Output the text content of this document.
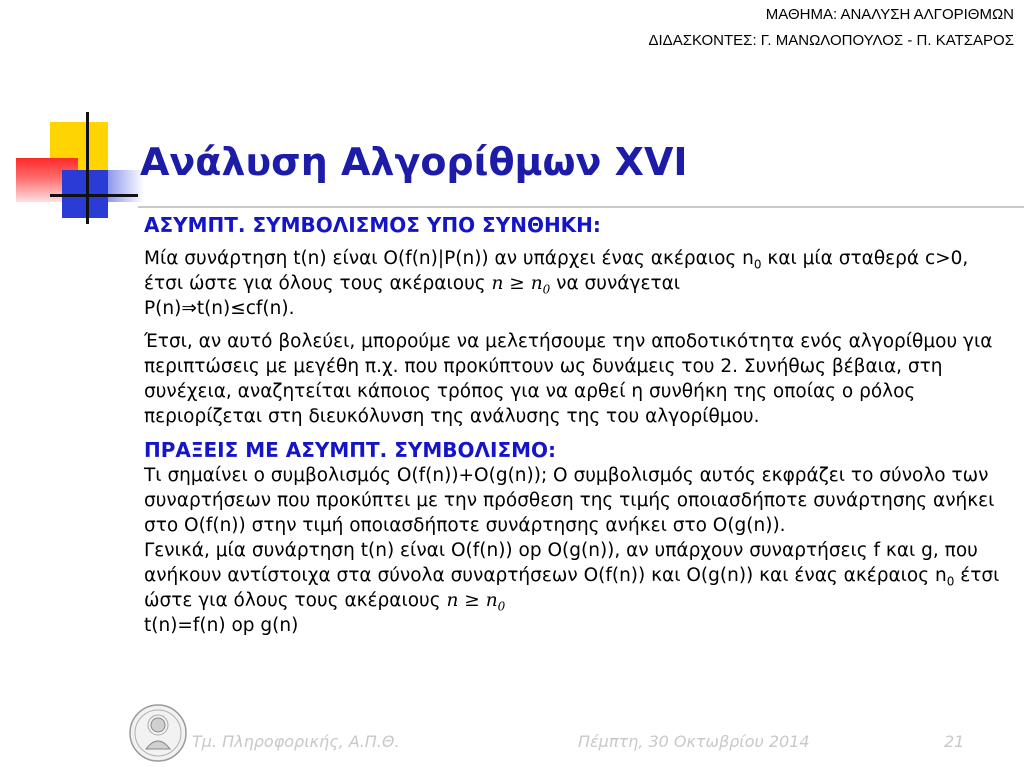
ΜΑΘΗΜΑ: ΑΝΑΛΥΣΗ ΑΛΓΟΡΙΘΜΩΝ
ΔΙΔΑΣΚΟΝΤΕΣ: Γ. ΜΑΝΩΛΟΠΟΥΛΟΣ - Π. ΚΑΤΣΑΡΟΣ
Ανάλυση Αλγορίθμων XVI
ΑΣΥΜΠΤ. ΣΥΜΒΟΛΙΣΜΟΣ ΥΠΟ ΣΥΝΘΗΚΗ:

Μία συνάρτηση t(n) είναι O(f(n)|P(n)) αν υπάρχει ένας ακέραιος $n_0$ και μία σταθερά c>0, έτσι ώστε για όλους τους ακέραιους $n \ge n_0$ να συνάγεται
P(n)⇒t(n)≤cf(n).

Έτσι, αν αυτό βολεύει, μπορούμε να μελετήσουμε την αποδοτικότητα ενός αλγορίθμου για περιπτώσεις με μεγέθη π.χ. που προκύπτουν ως δυνάμεις του 2. Συνήθως βέβαια, στη συνέχεια, αναζητείται κάποιος τρόπος για να αρθεί η συνθήκη της οποίας ο ρόλος περιορίζεται στη διευκόλυνση της ανάλυσης της του αλγορίθμου.

ΠΡΑΞΕΙΣ ΜΕ ΑΣΥΜΠΤ. ΣΥΜΒΟΛΙΣΜΟ:

Τι σημαίνει ο συμβολισμός O(f(n))+O(g(n)); Ο συμβολισμός αυτός εκφράζει το σύνολο των συναρτήσεων που προκύπτει με την πρόσθεση της τιμής οποιασδήποτε συνάρτησης ανήκει στο O(f(n)) στην τιμή οποιασδήποτε συνάρτησης ανήκει στο O(g(n)).

Γενικά, μία συνάρτηση t(n) είναι O(f(n)) op O(g(n)), αν υπάρχουν συναρτήσεις f και g, που ανήκουν αντίστοιχα στα σύνολα συναρτήσεων O(f(n)) και O(g(n)) και ένας ακέραιος $n_0$ έτσι ώστε για όλους τους ακέραιους $n \ge n_0$

t(n)=f(n) op g(n)

Τμ. Πληροφορικής, Α.Π.Θ.	Πέμπτη, 30 Οκτωβρίου 2014	21
